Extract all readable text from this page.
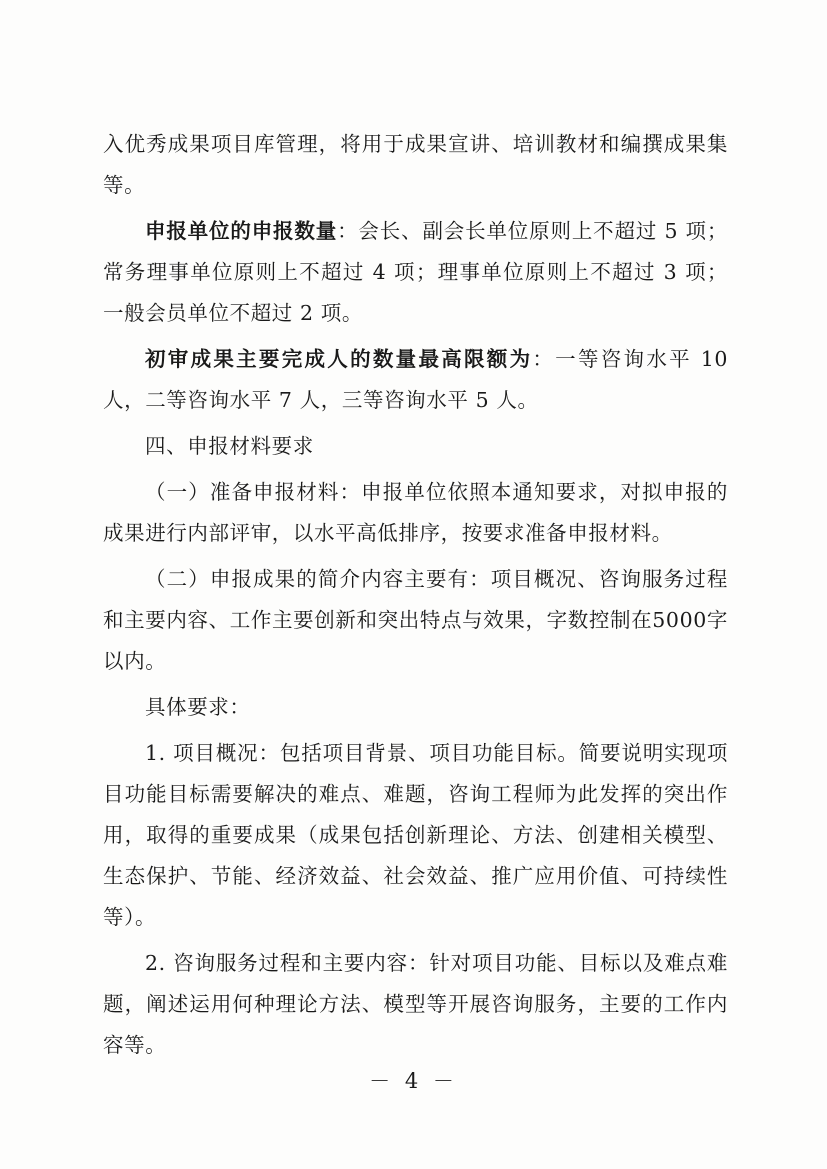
入优秀成果项目库管理，将用于成果宣讲、培训教材和编撰成果集等。

申报单位的申报数量：会长、副会长单位原则上不超过 5 项；常务理事单位原则上不超过 4 项；理事单位原则上不超过 3 项；一般会员单位不超过 2 项。

初审成果主要完成人的数量最高限额为：一等咨询水平 10 人，二等咨询水平 7 人，三等咨询水平 5 人。

四、申报材料要求

（一）准备申报材料：申报单位依照本通知要求，对拟申报的成果进行内部评审，以水平高低排序，按要求准备申报材料。

（二）申报成果的简介内容主要有：项目概况、咨询服务过程和主要内容、工作主要创新和突出特点与效果，字数控制在5000字以内。

具体要求：

1. 项目概况：包括项目背景、项目功能目标。简要说明实现项目功能目标需要解决的难点、难题，咨询工程师为此发挥的突出作用，取得的重要成果（成果包括创新理论、方法、创建相关模型、生态保护、节能、经济效益、社会效益、推广应用价值、可持续性等）。

2. 咨询服务过程和主要内容：针对项目功能、目标以及难点难题，阐述运用何种理论方法、模型等开展咨询服务，主要的工作内容等。

－ 4 －
